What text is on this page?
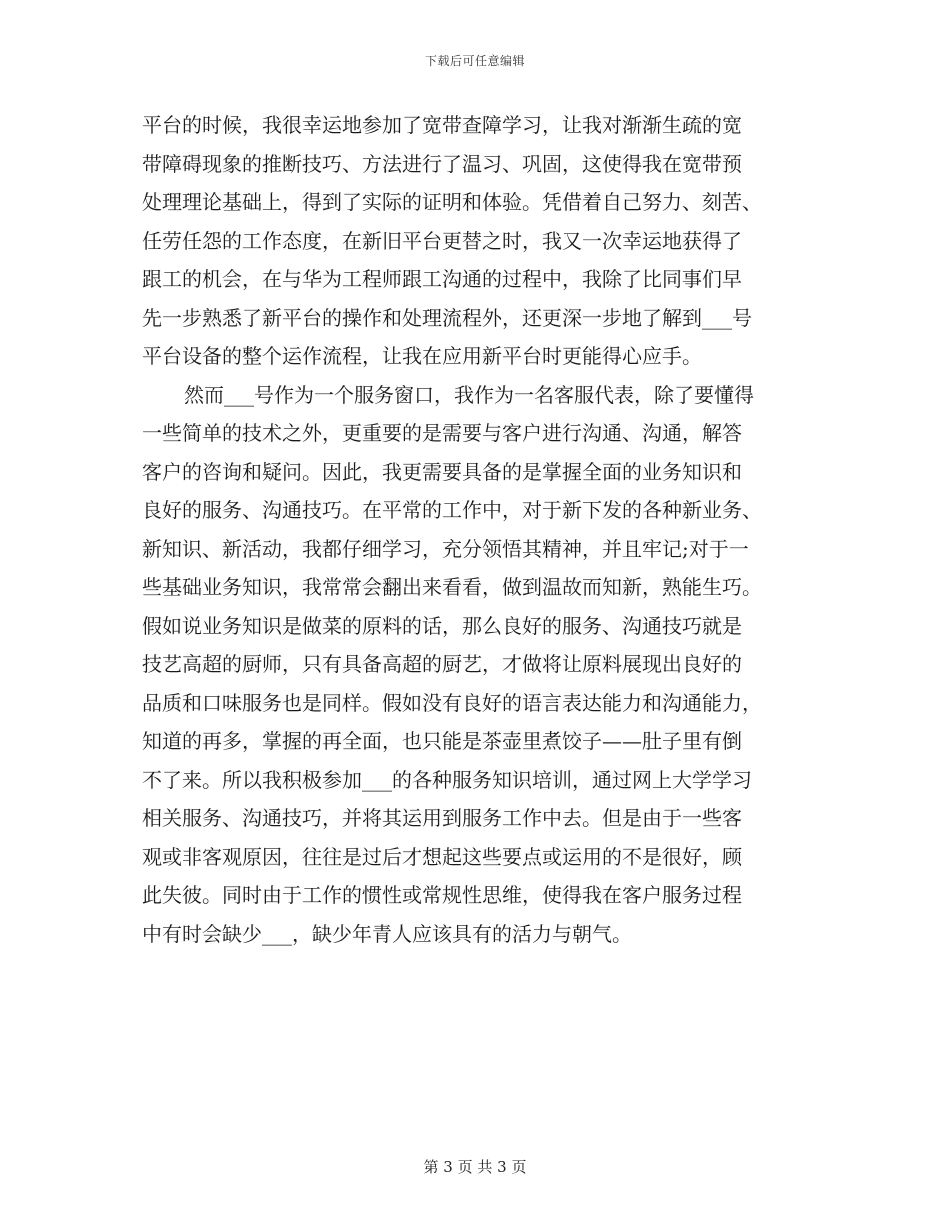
下载后可任意编辑
平台的时候，我很幸运地参加了宽带查障学习，让我对渐渐生疏的宽
带障碍现象的推断技巧、方法进行了温习、巩固，这使得我在宽带预
处理理论基础上，得到了实际的证明和体验。凭借着自己努力、刻苦、
任劳任怨的工作态度，在新旧平台更替之时，我又一次幸运地获得了
跟工的机会，在与华为工程师跟工沟通的过程中，我除了比同事们早
先一步熟悉了新平台的操作和处理流程外，还更深一步地了解到___号
平台设备的整个运作流程，让我在应用新平台时更能得心应手。
然而___号作为一个服务窗口，我作为一名客服代表，除了要懂得
一些简单的技术之外，更重要的是需要与客户进行沟通、沟通，解答
客户的咨询和疑问。因此，我更需要具备的是掌握全面的业务知识和
良好的服务、沟通技巧。在平常的工作中，对于新下发的各种新业务、
新知识、新活动，我都仔细学习，充分领悟其精神，并且牢记;对于一
些基础业务知识，我常常会翻出来看看，做到温故而知新，熟能生巧。
假如说业务知识是做菜的原料的话，那么良好的服务、沟通技巧就是
技艺高超的厨师，只有具备高超的厨艺，才做将让原料展现出良好的
品质和口味服务也是同样。假如没有良好的语言表达能力和沟通能力，
知道的再多，掌握的再全面，也只能是茶壶里煮饺子——肚子里有倒
不了来。所以我积极参加___的各种服务知识培训，通过网上大学学习
相关服务、沟通技巧，并将其运用到服务工作中去。但是由于一些客
观或非客观原因，往往是过后才想起这些要点或运用的不是很好，顾
此失彼。同时由于工作的惯性或常规性思维，使得我在客户服务过程
中有时会缺少___，缺少年青人应该具有的活力与朝气。
第 3 页 共 3 页
